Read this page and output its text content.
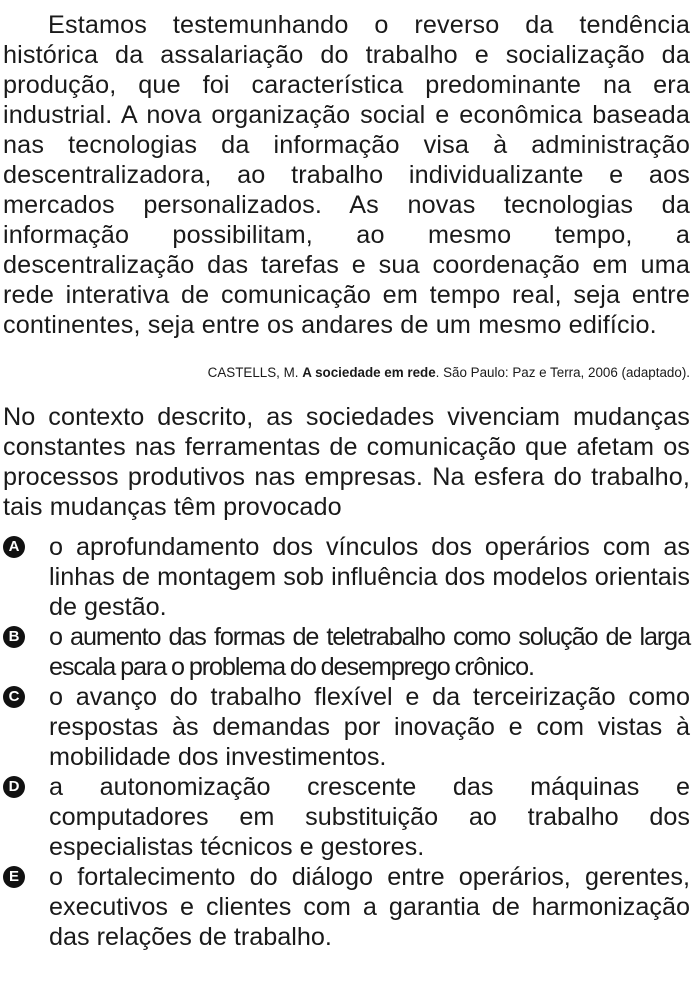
Estamos testemunhando o reverso da tendência histórica da assalariação do trabalho e socialização da produção, que foi característica predominante na era industrial. A nova organização social e econômica baseada nas tecnologias da informação visa à administração descentralizadora, ao trabalho individualizante e aos mercados personalizados. As novas tecnologias da informação possibilitam, ao mesmo tempo, a descentralização das tarefas e sua coordenação em uma rede interativa de comunicação em tempo real, seja entre continentes, seja entre os andares de um mesmo edifício.

CASTELLS, M. A sociedade em rede. São Paulo: Paz e Terra, 2006 (adaptado).

No contexto descrito, as sociedades vivenciam mudanças constantes nas ferramentas de comunicação que afetam os processos produtivos nas empresas. Na esfera do trabalho, tais mudanças têm provocado

A o aprofundamento dos vínculos dos operários com as linhas de montagem sob influência dos modelos orientais de gestão.
B o aumento das formas de teletrabalho como solução de larga escala para o problema do desemprego crônico.
C o avanço do trabalho flexível e da terceirização como respostas às demandas por inovação e com vistas à mobilidade dos investimentos.
D a autonomização crescente das máquinas e computadores em substituição ao trabalho dos especialistas técnicos e gestores.
E o fortalecimento do diálogo entre operários, gerentes, executivos e clientes com a garantia de harmonização das relações de trabalho.
